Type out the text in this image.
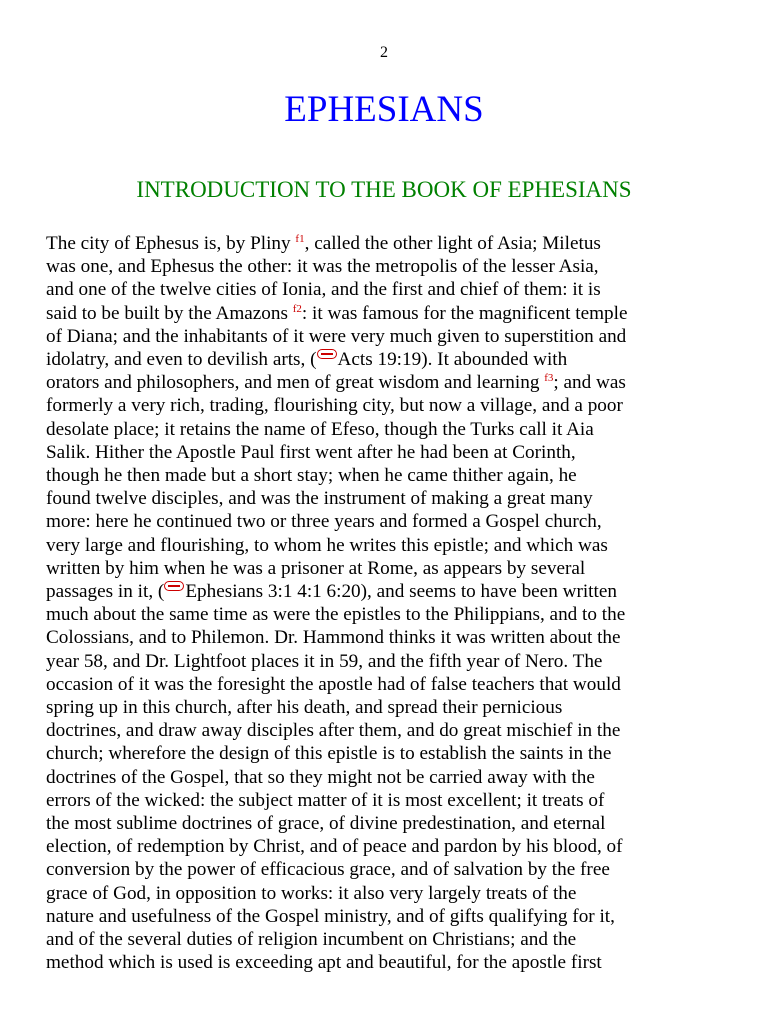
2
EPHESIANS
INTRODUCTION TO THE BOOK OF EPHESIANS

The city of Ephesus is, by Pliny $^{f1}$, called the other light of Asia; Miletus
was one, and Ephesus the other: it was the metropolis of the lesser Asia,
and one of the twelve cities of Ionia, and the first and chief of them: it is
said to be built by the Amazons $^{f2}$: it was famous for the magnificent temple
of Diana; and the inhabitants of it were very much given to superstition and
idolatry, and even to devilish arts, ( Acts 19:19). It abounded with
orators and philosophers, and men of great wisdom and learning $^{f3}$; and was
formerly a very rich, trading, flourishing city, but now a village, and a poor
desolate place; it retains the name of Efeso, though the Turks call it Aia
Salik. Hither the Apostle Paul first went after he had been at Corinth,
though he then made but a short stay; when he came thither again, he
found twelve disciples, and was the instrument of making a great many
more: here he continued two or three years and formed a Gospel church,
very large and flourishing, to whom he writes this epistle; and which was
written by him when he was a prisoner at Rome, as appears by several
passages in it, ( Ephesians 3:1 4:1 6:20), and seems to have been written
much about the same time as were the epistles to the Philippians, and to the
Colossians, and to Philemon. Dr. Hammond thinks it was written about the
year 58, and Dr. Lightfoot places it in 59, and the fifth year of Nero. The
occasion of it was the foresight the apostle had of false teachers that would
spring up in this church, after his death, and spread their pernicious
doctrines, and draw away disciples after them, and do great mischief in the
church; wherefore the design of this epistle is to establish the saints in the
doctrines of the Gospel, that so they might not be carried away with the
errors of the wicked: the subject matter of it is most excellent; it treats of
the most sublime doctrines of grace, of divine predestination, and eternal
election, of redemption by Christ, and of peace and pardon by his blood, of
conversion by the power of efficacious grace, and of salvation by the free
grace of God, in opposition to works: it also very largely treats of the
nature and usefulness of the Gospel ministry, and of gifts qualifying for it,
and of the several duties of religion incumbent on Christians; and the
method which is used is exceeding apt and beautiful, for the apostle first
